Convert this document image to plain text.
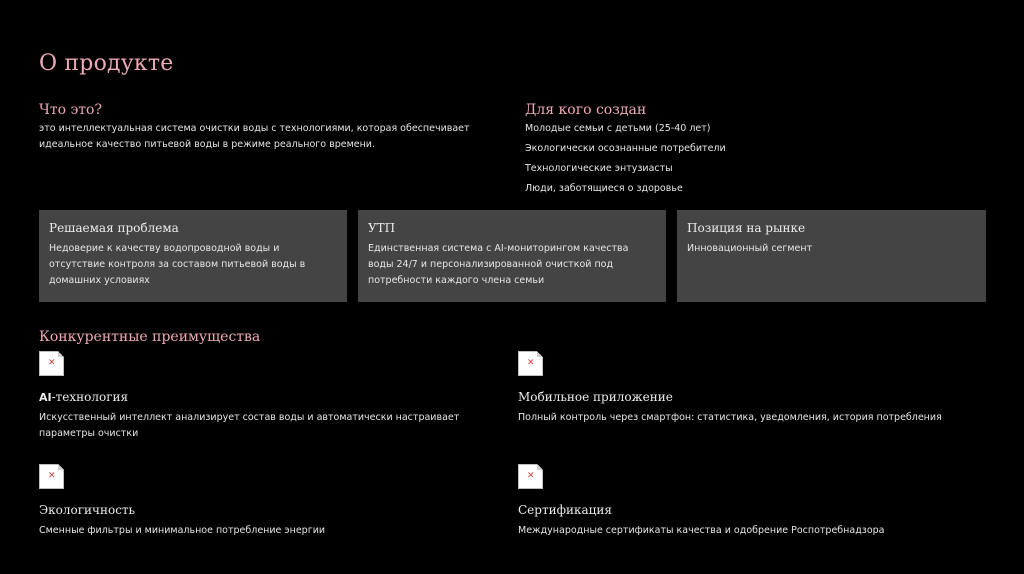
О продукте
Что это?
это интеллектуальная система очистки воды с технологиями, которая обеспечивает идеальное качество питьевой воды в режиме реального времени.
Для кого создан
Молодые семьи с детьми (25-40 лет)
Экологически осознанные потребители
Технологические энтузиасты
Люди, заботящиеся о здоровье
Решаемая проблема
Недоверие к качеству водопроводной воды и отсутствие контроля за составом питьевой воды в домашних условиях
УТП
Единственная система с AI-мониторингом качества воды 24/7 и персонализированной очисткой под потребности каждого члена семьи
Позиция на рынке
Инновационный сегмент
Конкурентные преимущества
✕
AI-технология
Искусственный интеллект анализирует состав воды и автоматически настраивает параметры очистки
✕
Мобильное приложение
Полный контроль через смартфон: статистика, уведомления, история потребления
✕
Экологичность
Сменные фильтры и минимальное потребление энергии
✕
Сертификация
Международные сертификаты качества и одобрение Роспотребнадзора
